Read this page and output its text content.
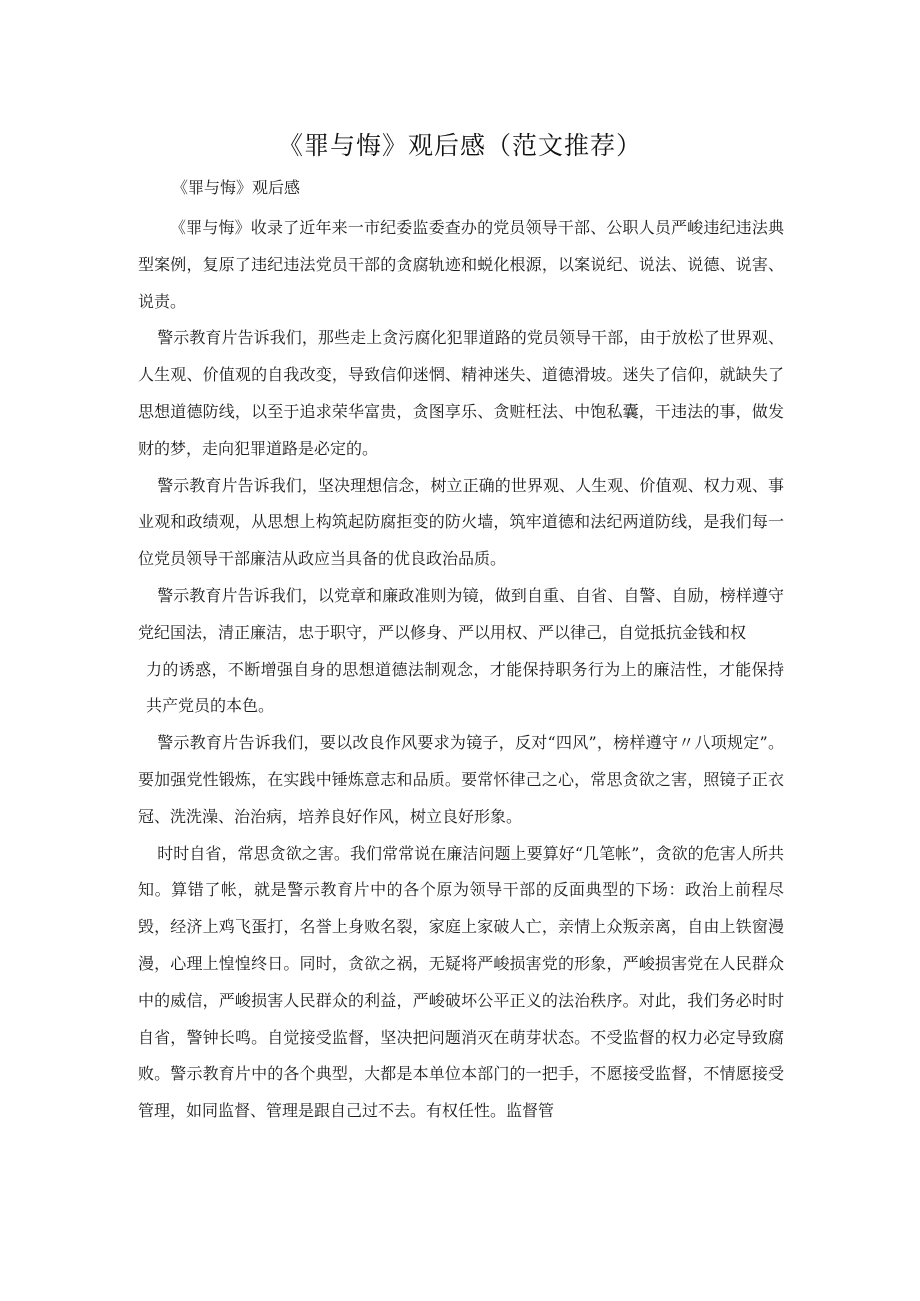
《罪与悔》观后感（范文推荐）

《罪与悔》观后感

《罪与悔》收录了近年来一市纪委监委查办的党员领导干部、公职人员严峻违纪违法典型案例，复原了违纪违法党员干部的贪腐轨迹和蜕化根源，以案说纪、说法、说德、说害、说责。

警示教育片告诉我们，那些走上贪污腐化犯罪道路的党员领导干部，由于放松了世界观、人生观、价值观的自我改变，导致信仰迷惘、精神迷失、道德滑坡。迷失了信仰，就缺失了思想道德防线，以至于追求荣华富贵，贪图享乐、贪赃枉法、中饱私囊，干违法的事，做发财的梦，走向犯罪道路是必定的。

警示教育片告诉我们，坚决理想信念，树立正确的世界观、人生观、价值观、权力观、事业观和政绩观，从思想上构筑起防腐拒变的防火墙，筑牢道德和法纪两道防线，是我们每一位党员领导干部廉洁从政应当具备的优良政治品质。

警示教育片告诉我们，以党章和廉政准则为镜，做到自重、自省、自警、自励，榜样遵守党纪国法，清正廉洁，忠于职守，严以修身、严以用权、严以律己，自觉抵抗金钱和权

力的诱惑，不断增强自身的思想道德法制观念，才能保持职务行为上的廉洁性，才能保持共产党员的本色。

警示教育片告诉我们，要以改良作风要求为镜子，反对“四风”，榜样遵守〃八项规定”。要加强党性锻炼，在实践中锤炼意志和品质。要常怀律己之心，常思贪欲之害，照镜子正衣冠、洗洗澡、治治病，培养良好作风，树立良好形象。

时时自省，常思贪欲之害。我们常常说在廉洁问题上要算好“几笔帐”，贪欲的危害人所共知。算错了帐，就是警示教育片中的各个原为领导干部的反面典型的下场：政治上前程尽毁，经济上鸡飞蛋打，名誉上身败名裂，家庭上家破人亡，亲情上众叛亲离，自由上铁窗漫漫，心理上惶惶终日。同时，贪欲之祸，无疑将严峻损害党的形象，严峻损害党在人民群众中的威信，严峻损害人民群众的利益，严峻破坏公平正义的法治秩序。对此，我们务必时时自省，警钟长鸣。自觉接受监督，坚决把问题消灭在萌芽状态。不受监督的权力必定导致腐败。警示教育片中的各个典型，大都是本单位本部门的一把手，不愿接受监督，不情愿接受管理，如同监督、管理是跟自己过不去。有权任性。监督管
